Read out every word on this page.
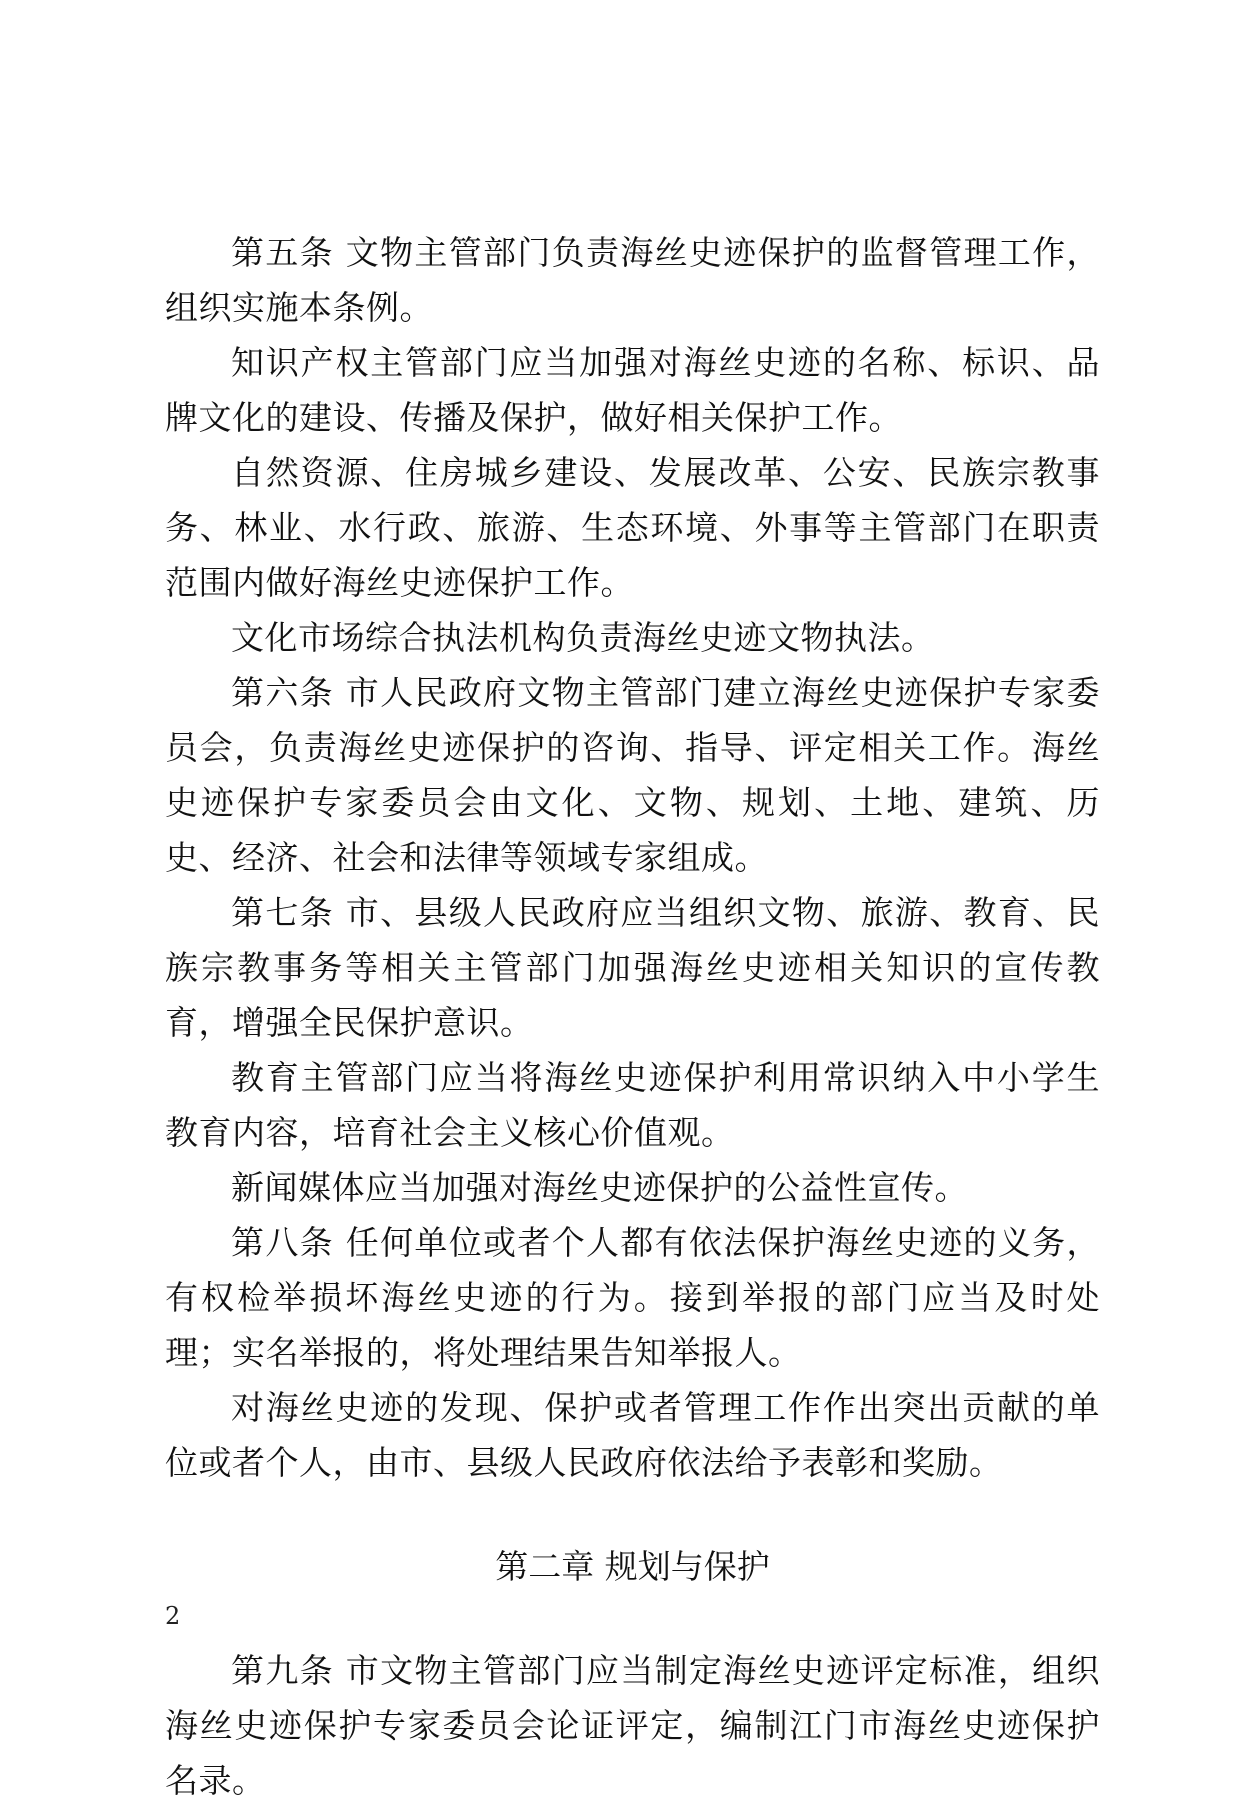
第五条 文物主管部门负责海丝史迹保护的监督管理工作，组织实施本条例。

知识产权主管部门应当加强对海丝史迹的名称、标识、品牌文化的建设、传播及保护，做好相关保护工作。

自然资源、住房城乡建设、发展改革、公安、民族宗教事务、林业、水行政、旅游、生态环境、外事等主管部门在职责范围内做好海丝史迹保护工作。

文化市场综合执法机构负责海丝史迹文物执法。

第六条 市人民政府文物主管部门建立海丝史迹保护专家委员会，负责海丝史迹保护的咨询、指导、评定相关工作。海丝史迹保护专家委员会由文化、文物、规划、土地、建筑、历史、经济、社会和法律等领域专家组成。

第七条 市、县级人民政府应当组织文物、旅游、教育、民族宗教事务等相关主管部门加强海丝史迹相关知识的宣传教育，增强全民保护意识。

教育主管部门应当将海丝史迹保护利用常识纳入中小学生教育内容，培育社会主义核心价值观。

新闻媒体应当加强对海丝史迹保护的公益性宣传。

第八条 任何单位或者个人都有依法保护海丝史迹的义务，有权检举损坏海丝史迹的行为。接到举报的部门应当及时处理；实名举报的，将处理结果告知举报人。

对海丝史迹的发现、保护或者管理工作作出突出贡献的单位或者个人，由市、县级人民政府依法给予表彰和奖励。

第二章 规划与保护

第九条 市文物主管部门应当制定海丝史迹评定标准，组织海丝史迹保护专家委员会论证评定，编制江门市海丝史迹保护名录。

2
